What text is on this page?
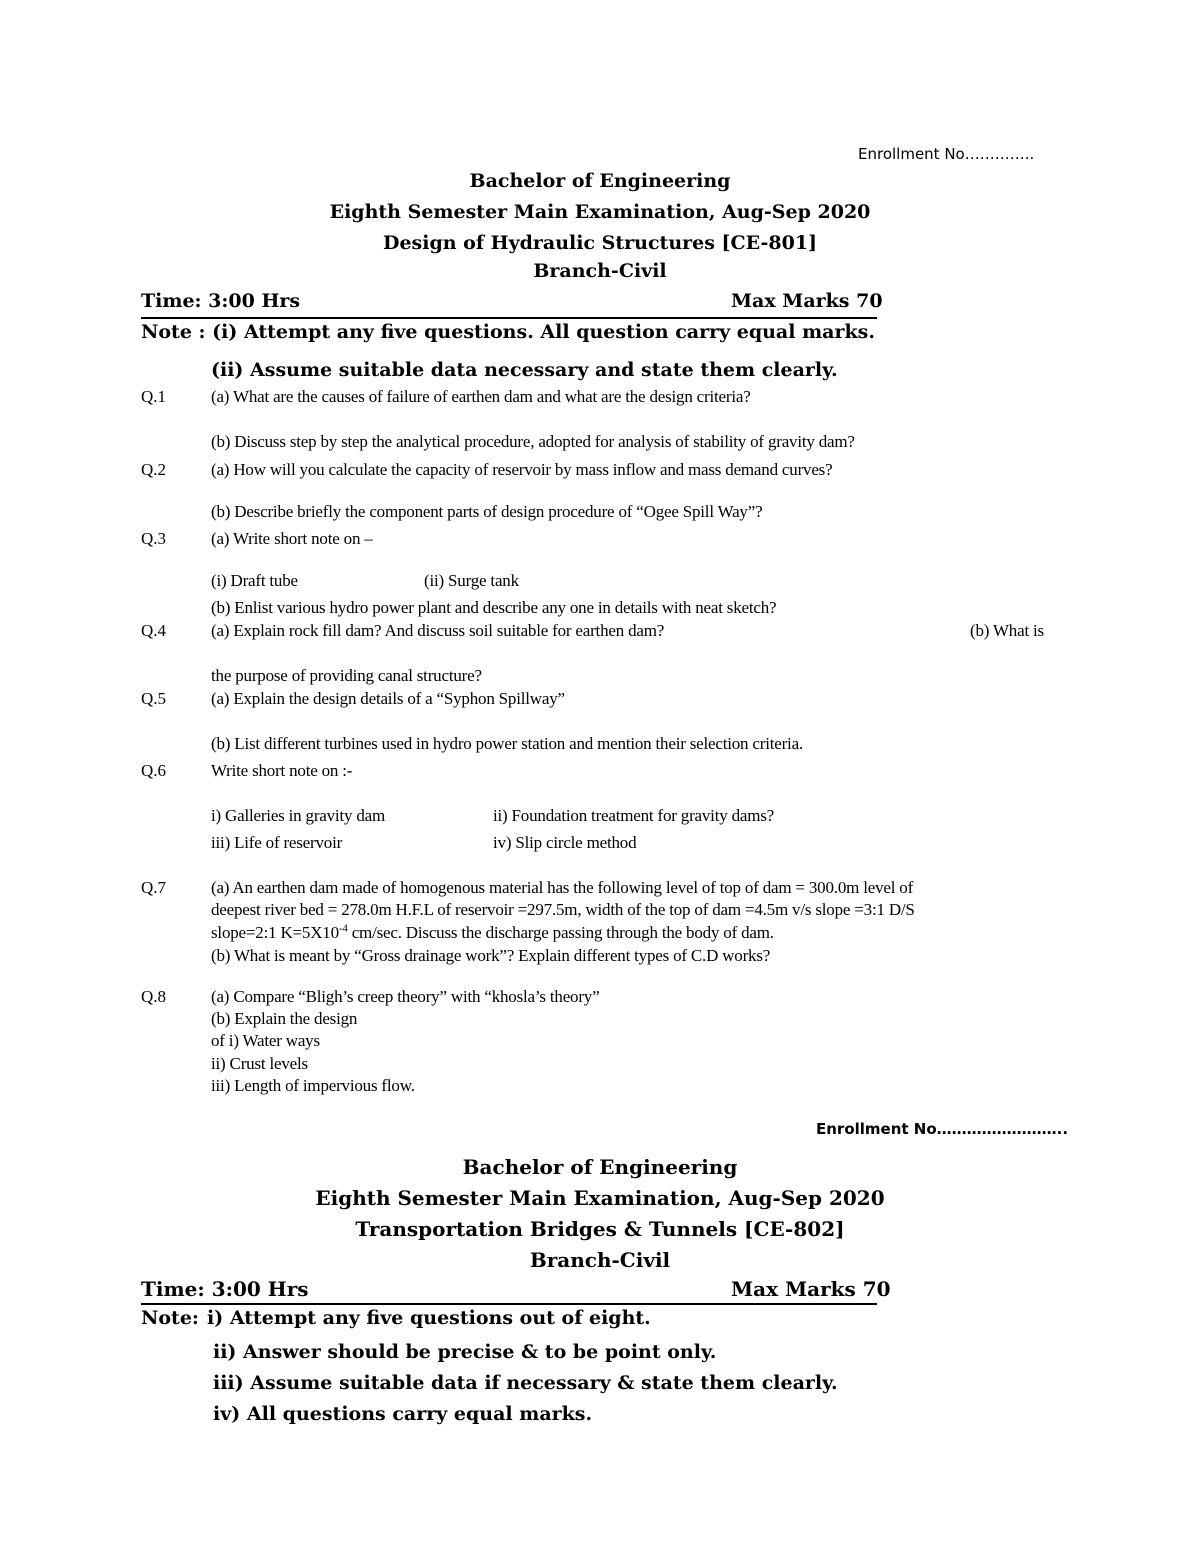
Enrollment No…………..
Bachelor of Engineering
Eighth Semester Main Examination, Aug-Sep 2020
Design of Hydraulic Structures [CE-801]
Branch-Civil
Time: 3:00 Hrs	Max Marks 70
Note : (i) Attempt any five questions. All question carry equal marks.
(ii) Assume suitable data necessary and state them clearly.
Q.1	(a) What are the causes of failure of earthen dam and what are the design criteria?
(b) Discuss step by step the analytical procedure, adopted for analysis of stability of gravity dam?
Q.2	(a) How will you calculate the capacity of reservoir by mass inflow and mass demand curves?
(b) Describe briefly the component parts of design procedure of “Ogee Spill Way”?
Q.3	(a) Write short note on –
(i) Draft tube	(ii) Surge tank
(b) Enlist various hydro power plant and describe any one in details with neat sketch?
Q.4	(a) Explain rock fill dam? And discuss soil suitable for earthen dam?	(b) What is
the purpose of providing canal structure?
Q.5	(a) Explain the design details of a “Syphon Spillway”
(b) List different turbines used in hydro power station and mention their selection criteria.
Q.6	Write short note on :-
i) Galleries in gravity dam	ii) Foundation treatment for gravity dams?
iii) Life of reservoir	iv) Slip circle method
Q.7	(a) An earthen dam made of homogenous material has the following level of top of dam = 300.0m level of
deepest river bed = 278.0m H.F.L of reservoir =297.5m, width of the top of dam =4.5m v/s slope =3:1 D/S
slope=2:1 $K=5X10^{-4}$ cm/sec. Discuss the discharge passing through the body of dam.
(b) What is meant by “Gross drainage work”? Explain different types of C.D works?
Q.8	(a) Compare “Bligh’s creep theory” with “khosla’s theory”
(b) Explain the design
of i) Water ways
ii) Crust levels
iii) Length of impervious flow.
Enrollment No……………………..
Bachelor of Engineering
Eighth Semester Main Examination, Aug-Sep 2020
Transportation Bridges & Tunnels [CE-802]
Branch-Civil
Time: 3:00 Hrs	Max Marks 70
Note: i) Attempt any five questions out of eight.
ii) Answer should be precise & to be point only.
iii) Assume suitable data if necessary & state them clearly.
iv) All questions carry equal marks.
